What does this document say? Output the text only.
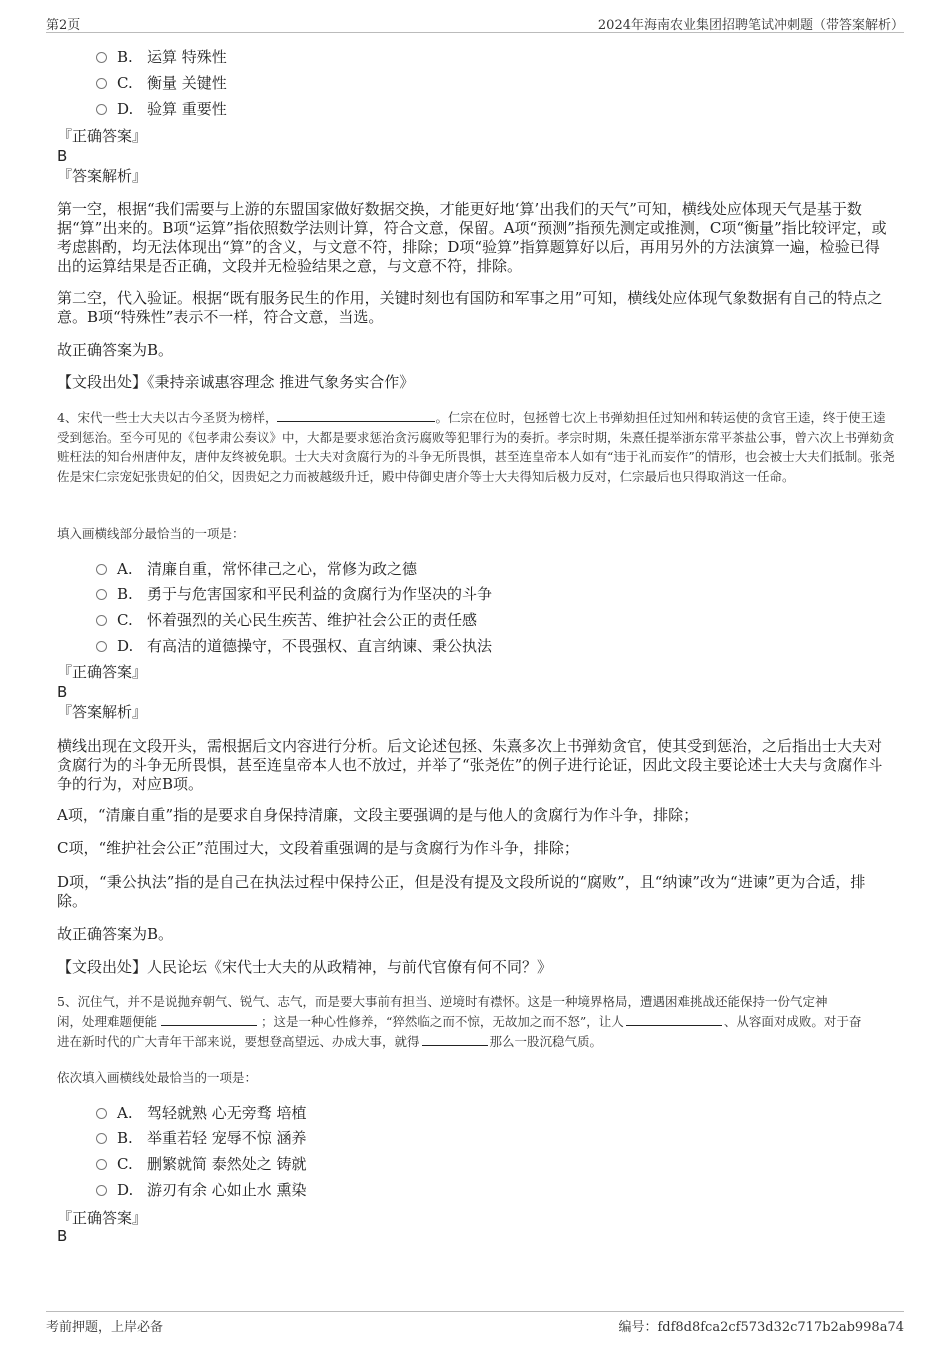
第2页	2024年海南农业集团招聘笔试冲刺题（带答案解析）
B. 运算 特殊性
C. 衡量 关键性
D. 验算 重要性
『正确答案』
B
『答案解析』
第一空，根据“我们需要与上游的东盟国家做好数据交换，才能更好地‘算’出我们的天气”可知，横线处应体现天气是基于数据“算”出来的。B项“运算”指依照数学法则计算，符合文意，保留。A项“预测”指预先测定或推测，C项“衡量”指比较评定，或考虑斟酌，均无法体现出“算”的含义，与文意不符，排除；D项“验算”指算题算好以后，再用另外的方法演算一遍，检验已得出的运算结果是否正确，文段并无检验结果之意，与文意不符，排除。
第二空，代入验证。根据“既有服务民生的作用，关键时刻也有国防和军事之用”可知，横线处应体现气象数据有自己的特点之意。B项“特殊性”表示不一样，符合文意，当选。
故正确答案为B。
【文段出处】《秉持亲诚惠容理念 推进气象务实合作》
4、宋代一些士大夫以古今圣贤为榜样，	。仁宗在位时，包拯曾七次上书弹劾担任过知州和转运使的贪官王逵，终于使王逵受到惩治。至今可见的《包孝肃公奏议》中，大都是要求惩治贪污腐败等犯罪行为的奏折。孝宗时期，朱熹任提举浙东常平茶盐公事，曾六次上书弹劾贪赃枉法的知台州唐仲友，唐仲友终被免职。士大夫对贪腐行为的斗争无所畏惧，甚至连皇帝本人如有“违于礼而妄作”的情形，也会被士大夫们抵制。张尧佐是宋仁宗宠妃张贵妃的伯父，因贵妃之力而被越级升迁，殿中侍御史唐介等士大夫得知后极力反对，仁宗最后也只得取消这一任命。
填入画横线部分最恰当的一项是：
A. 清廉自重，常怀律己之心，常修为政之德
B. 勇于与危害国家和平民利益的贪腐行为作坚决的斗争
C. 怀着强烈的关心民生疾苦、维护社会公正的责任感
D. 有高洁的道德操守，不畏强权、直言纳谏、秉公执法
『正确答案』
B
『答案解析』
横线出现在文段开头，需根据后文内容进行分析。后文论述包拯、朱熹多次上书弹劾贪官，使其受到惩治，之后指出士大夫对贪腐行为的斗争无所畏惧，甚至连皇帝本人也不放过，并举了“张尧佐”的例子进行论证，因此文段主要论述士大夫与贪腐作斗争的行为，对应B项。
A项，“清廉自重”指的是要求自身保持清廉，文段主要强调的是与他人的贪腐行为作斗争，排除；
C项，“维护社会公正”范围过大，文段着重强调的是与贪腐行为作斗争，排除；
D项，“秉公执法”指的是自己在执法过程中保持公正，但是没有提及文段所说的“腐败”，且“纳谏”改为“进谏”更为合适，排除。
故正确答案为B。
【文段出处】人民论坛《宋代士大夫的从政精神，与前代官僚有何不同？》
5、沉住气，并不是说抛弃朝气、锐气、志气，而是要大事前有担当、逆境时有襟怀。这是一种境界格局，遭遇困难挑战还能保持一份气定神
闲，处理难题便能	；这是一种心性修养，“猝然临之而不惊，无故加之而不怒”，让人	、从容面对成败。对于奋
进在新时代的广大青年干部来说，要想登高望远、办成大事，就得	那么一股沉稳气质。
依次填入画横线处最恰当的一项是：
A. 驾轻就熟 心无旁骛 培植
B. 举重若轻 宠辱不惊 涵养
C. 删繁就简 泰然处之 铸就
D. 游刃有余 心如止水 熏染
『正确答案』
B
考前押题，上岸必备	编号：fdf8d8fca2cf573d32c717b2ab998a74
